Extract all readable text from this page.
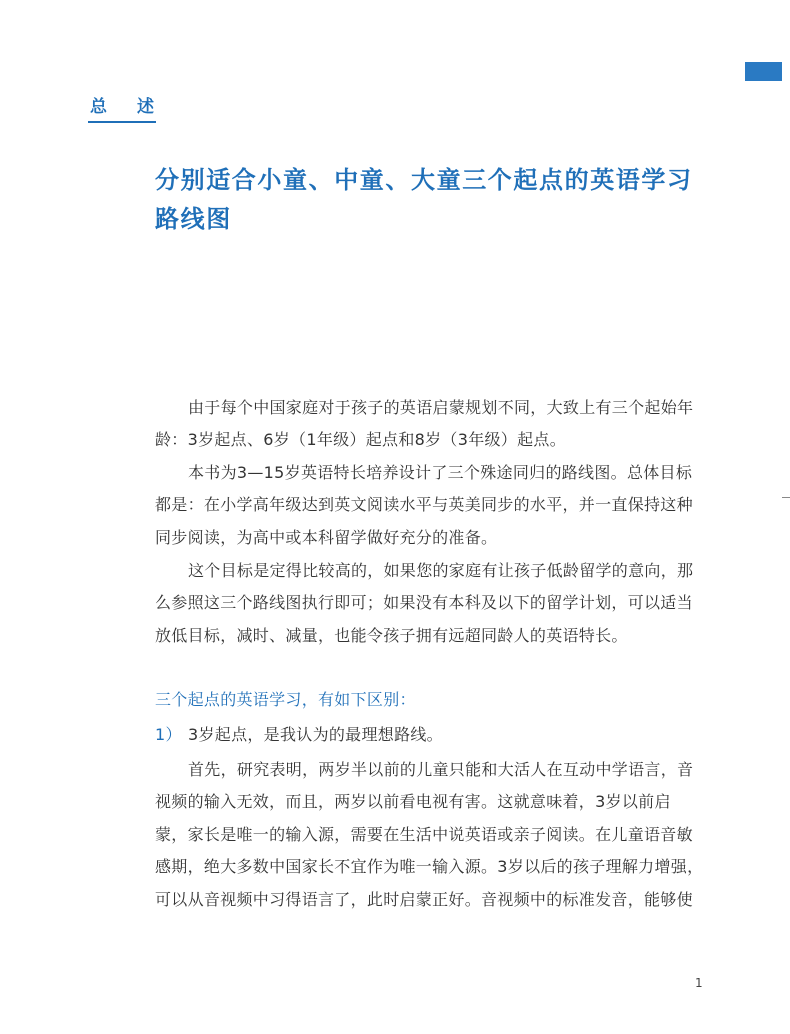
总述
分别适合小童、中童、大童三个起点的英语学习
路线图
由于每个中国家庭对于孩子的英语启蒙规划不同，大致上有三个起始年
龄：3岁起点、6岁（1年级）起点和8岁（3年级）起点。
本书为3—15岁英语特长培养设计了三个殊途同归的路线图。总体目标
都是：在小学高年级达到英文阅读水平与英美同步的水平，并一直保持这种
同步阅读，为高中或本科留学做好充分的准备。
这个目标是定得比较高的，如果您的家庭有让孩子低龄留学的意向，那
么参照这三个路线图执行即可；如果没有本科及以下的留学计划，可以适当
放低目标，减时、减量，也能令孩子拥有远超同龄人的英语特长。
三个起点的英语学习，有如下区别：
1） 3岁起点，是我认为的最理想路线。
首先，研究表明，两岁半以前的儿童只能和大活人在互动中学语言，音
视频的输入无效，而且，两岁以前看电视有害。这就意味着，3岁以前启
蒙，家长是唯一的输入源，需要在生活中说英语或亲子阅读。在儿童语音敏
感期，绝大多数中国家长不宜作为唯一输入源。3岁以后的孩子理解力增强，
可以从音视频中习得语言了，此时启蒙正好。音视频中的标准发音，能够使
1
